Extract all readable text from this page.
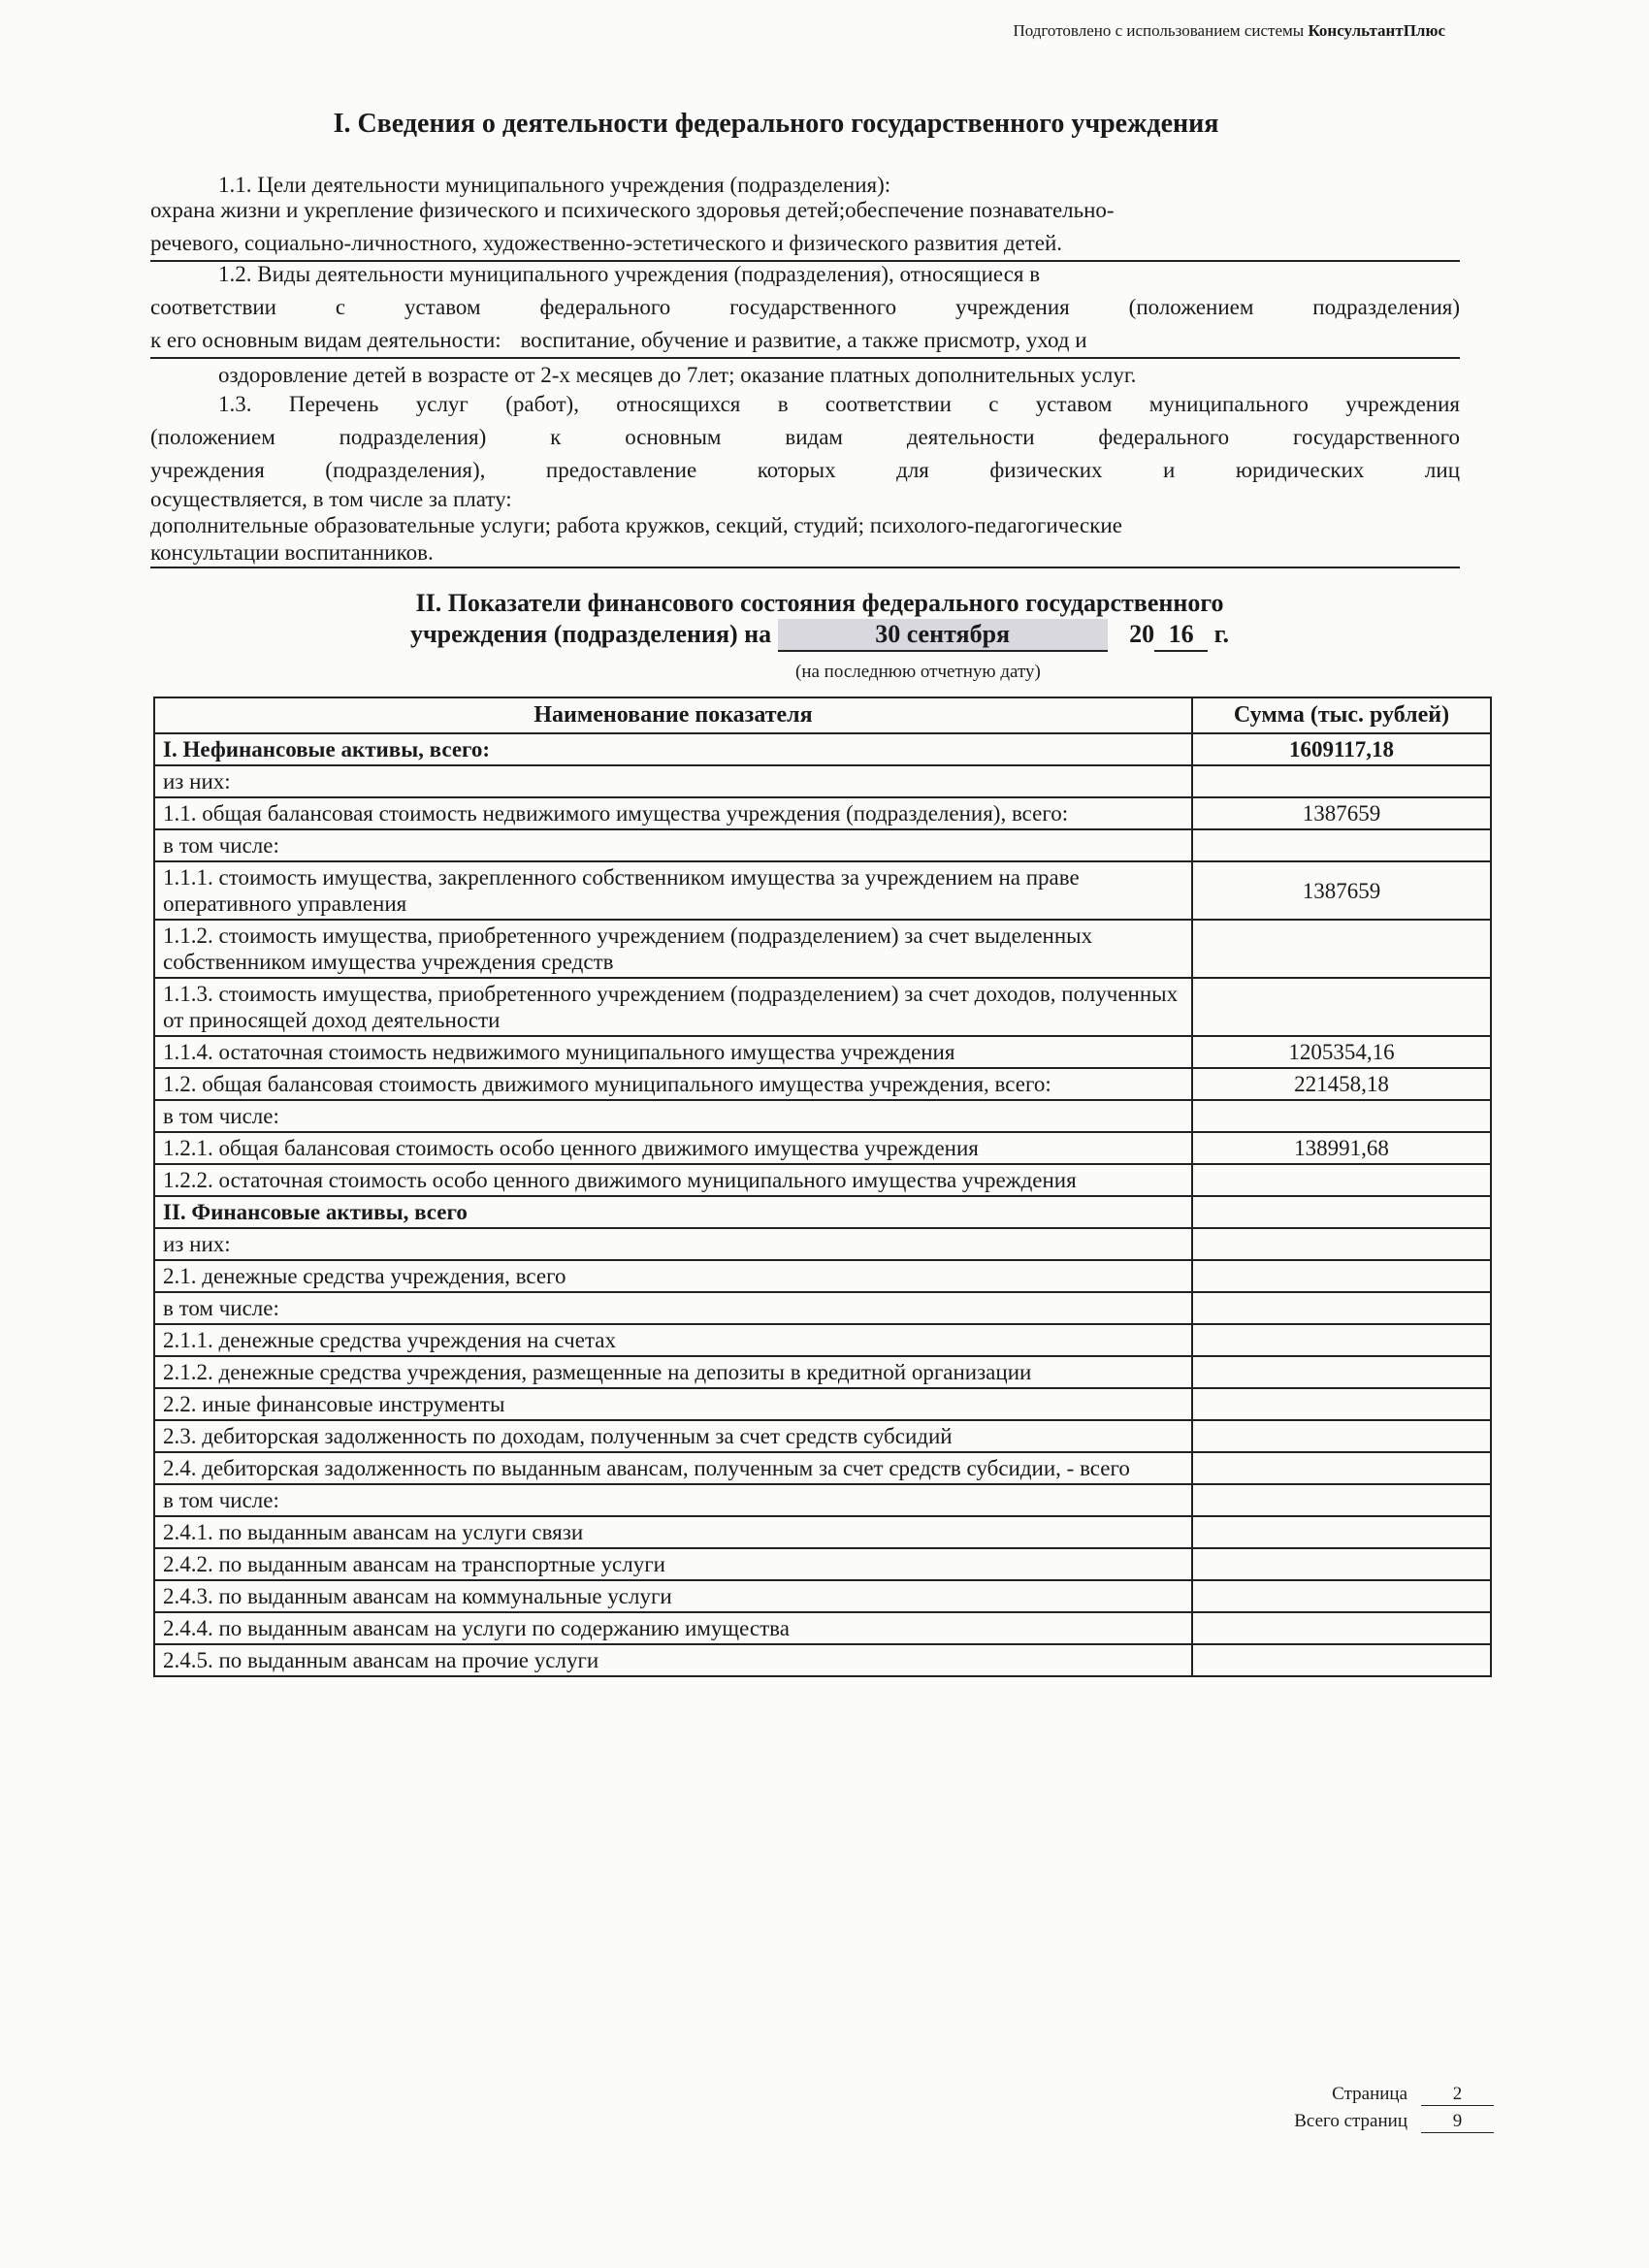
Подготовлено с использованием системы КонсультантПлюс
I. Сведения о деятельности федерального государственного учреждения
1.1. Цели деятельности муниципального учреждения (подразделения):
охрана жизни и укрепление физического и психического здоровья детей;обеспечение познавательно-
речевого, социально-личностного, художественно-эстетического и физического развития детей.
1.2. Виды деятельности муниципального учреждения (подразделения), относящиеся в
соответствии с уставом федерального государственного учреждения (положением подразделения)
к его основным видам деятельности: воспитание, обучение и развитие, а также присмотр, уход и
оздоровление детей в возрасте от 2-х месяцев до 7лет; оказание платных дополнительных услуг.
1.3. Перечень услуг (работ), относящихся в соответствии с уставом муниципального учреждения
(положением подразделения) к основным видам деятельности федерального государственного
учреждения (подразделения), предоставление которых для физических и юридических лиц
осуществляется, в том числе за плату:
дополнительные образовательные услуги; работа кружков, секций, студий; психолого-педагогические
консультации воспитанников.
II. Показатели финансового состояния федерального государственного
учреждения (подразделения) на	30 сентября	20 16 г.
(на последнюю отчетную дату)
Наименование показателя	Сумма (тыс. рублей)
I. Нефинансовые активы, всего:	1609117,18
из них:	
1.1. общая балансовая стоимость недвижимого имущества учреждения (подразделения), всего:	1387659
в том числе:	
1.1.1. стоимость имущества, закрепленного собственником имущества за учреждением на праве оперативного управления	1387659
1.1.2. стоимость имущества, приобретенного учреждением (подразделением) за счет выделенных собственником имущества учреждения средств	
1.1.3. стоимость имущества, приобретенного учреждением (подразделением) за счет доходов, полученных от приносящей доход деятельности	
1.1.4. остаточная стоимость недвижимого муниципального имущества учреждения	1205354,16
1.2. общая балансовая стоимость движимого муниципального имущества учреждения, всего:	221458,18
в том числе:	
1.2.1. общая балансовая стоимость особо ценного движимого имущества учреждения	138991,68
1.2.2. остаточная стоимость особо ценного движимого муниципального имущества учреждения	
II. Финансовые активы, всего	
из них:	
2.1. денежные средства учреждения, всего	
в том числе:	
2.1.1. денежные средства учреждения на счетах	
2.1.2. денежные средства учреждения, размещенные на депозиты в кредитной организации	
2.2. иные финансовые инструменты	
2.3. дебиторская задолженность по доходам, полученным за счет средств субсидий	
2.4. дебиторская задолженность по выданным авансам, полученным за счет средств субсидии, - всего	
в том числе:	
2.4.1. по выданным авансам на услуги связи	
2.4.2. по выданным авансам на транспортные услуги	
2.4.3. по выданным авансам на коммунальные услуги	
2.4.4. по выданным авансам на услуги по содержанию имущества	
2.4.5. по выданным авансам на прочие услуги	
Страница 2
Всего страниц 9
